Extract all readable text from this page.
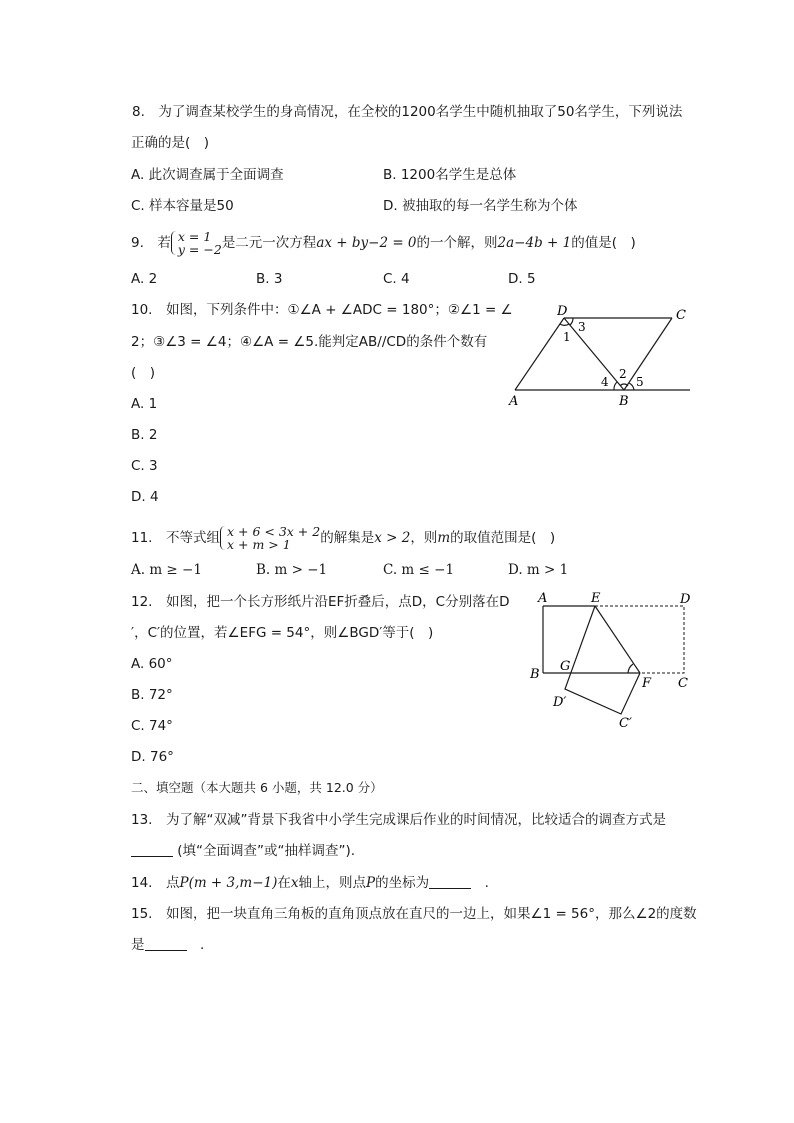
8.　为了调查某校学生的身高情况，在全校的1200名学生中随机抽取了50名学生，下列说法
正确的是(　)
A. 此次调查属于全面调查	B. 1200名学生是总体
C. 样本容量是50	D. 被抽取的每一名学生称为个体
9.　若 x = 1
y = −2 是二元一次方程ax + by−2 = 0的一个解，则2a−4b + 1的值是(　)
A. 2	B. 3	C. 4	D. 5
10.　如图，下列条件中：①∠A + ∠ADC = 180°；②∠1 = ∠
2；③∠3 = ∠4；④∠A = ∠5.能判定AB//CD的条件个数有
(　)
A. 1
B. 2
C. 3
D. 4
D	C
A	B
1
2
3
4 5
11.　不等式组 x + 6 < 3x + 2
x + m > 1	的解集是x > 2，则m的取值范围是(　)
A. m ≥ −1	B. m > −1	C. m ≤ −1	D. m > 1
12.　如图，把一个长方形纸片沿EF折叠后，点D，C分别落在D
′，C′的位置，若∠EFG = 54°，则∠BGD′等于(　)
A. 60°
B. 72°
C. 74°
D. 76°
A	E	D
B
G
F C
D′
C′
二、填空题（本大题共 6 小题，共 12.0 分）
13.　为了解“双减”背景下我省中小学生完成课后作业的时间情况，比较适合的调查方式是
(填“全面调查”或“抽样调查”).
14.　点P(m + 3,m−1)在x轴上，则点P的坐标为	　.
15.　如图，把一块直角三角板的直角顶点放在直尺的一边上，如果∠1 = 56°，那么∠2的度数
是	　.
